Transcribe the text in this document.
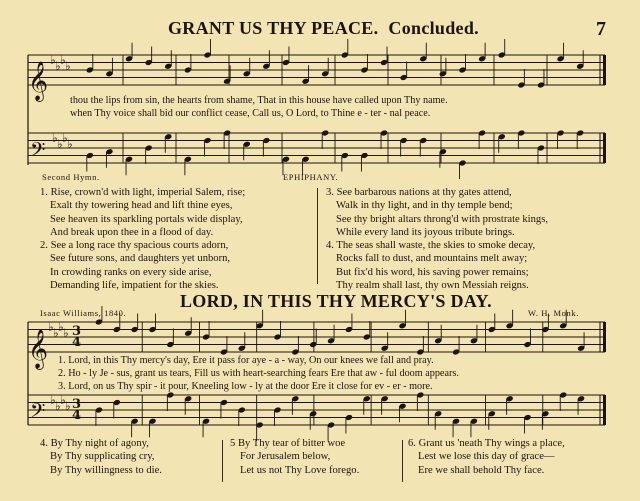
𝄞
♭ ♭ ♭ ♭
𝄢 ♭ ♭ ♭ ♭
𝄞
♭ ♭ ♭ ♭ 3
4
𝄢 ♭ ♭ ♭ ♭ 3
4
GRANT US THY PEACE. Concluded.	7
thou the lips from sin, the hearts from shame, That in this house have called upon Thy name.
when Thy voice shall bid our conflict cease, Call us, O Lord, to Thine e - ter - nal peace.
Second Hymn.	EPHIPHANY.
1. Rise, crown'd with light, imperial Salem, rise;
Exalt thy towering head and lift thine eyes,
See heaven its sparkling portals wide display,
And break upon thee in a flood of day.
2. See a long race thy spacious courts adorn,
See future sons, and daughters yet unborn,
In crowding ranks on every side arise,
Demanding life, impatient for the skies.
3. See barbarous nations at thy gates attend,
Walk in thy light, and in thy temple bend;
See thy bright altars throng'd with prostrate kings,
While every land its joyous tribute brings.
4. The seas shall waste, the skies to smoke decay,
Rocks fall to dust, and mountains melt away;
But fix'd his word, his saving power remains;
Thy realm shall last, thy own Messiah reigns.
Isaac Williams, 1840.
LORD, IN THIS THY MERCY'S DAY.
W. H. Monk.
1. Lord, in this Thy mercy's day, Ere it pass for aye - a - way, On our knees we fall and pray.
2. Ho - ly Je - sus, grant us tears, Fill us with heart-searching fears Ere that aw - ful doom appears.
3. Lord, on us Thy spir - it pour, Kneeling low - ly at the door Ere it close for ev - er - more.
4. By Thy night of agony,
By Thy supplicating cry,
By Thy willingness to die.
5 By Thy tear of bitter woe
For Jerusalem below,
Let us not Thy Love forego.
6. Grant us 'neath Thy wings a place,
Lest we lose this day of grace—
Ere we shall behold Thy face.
